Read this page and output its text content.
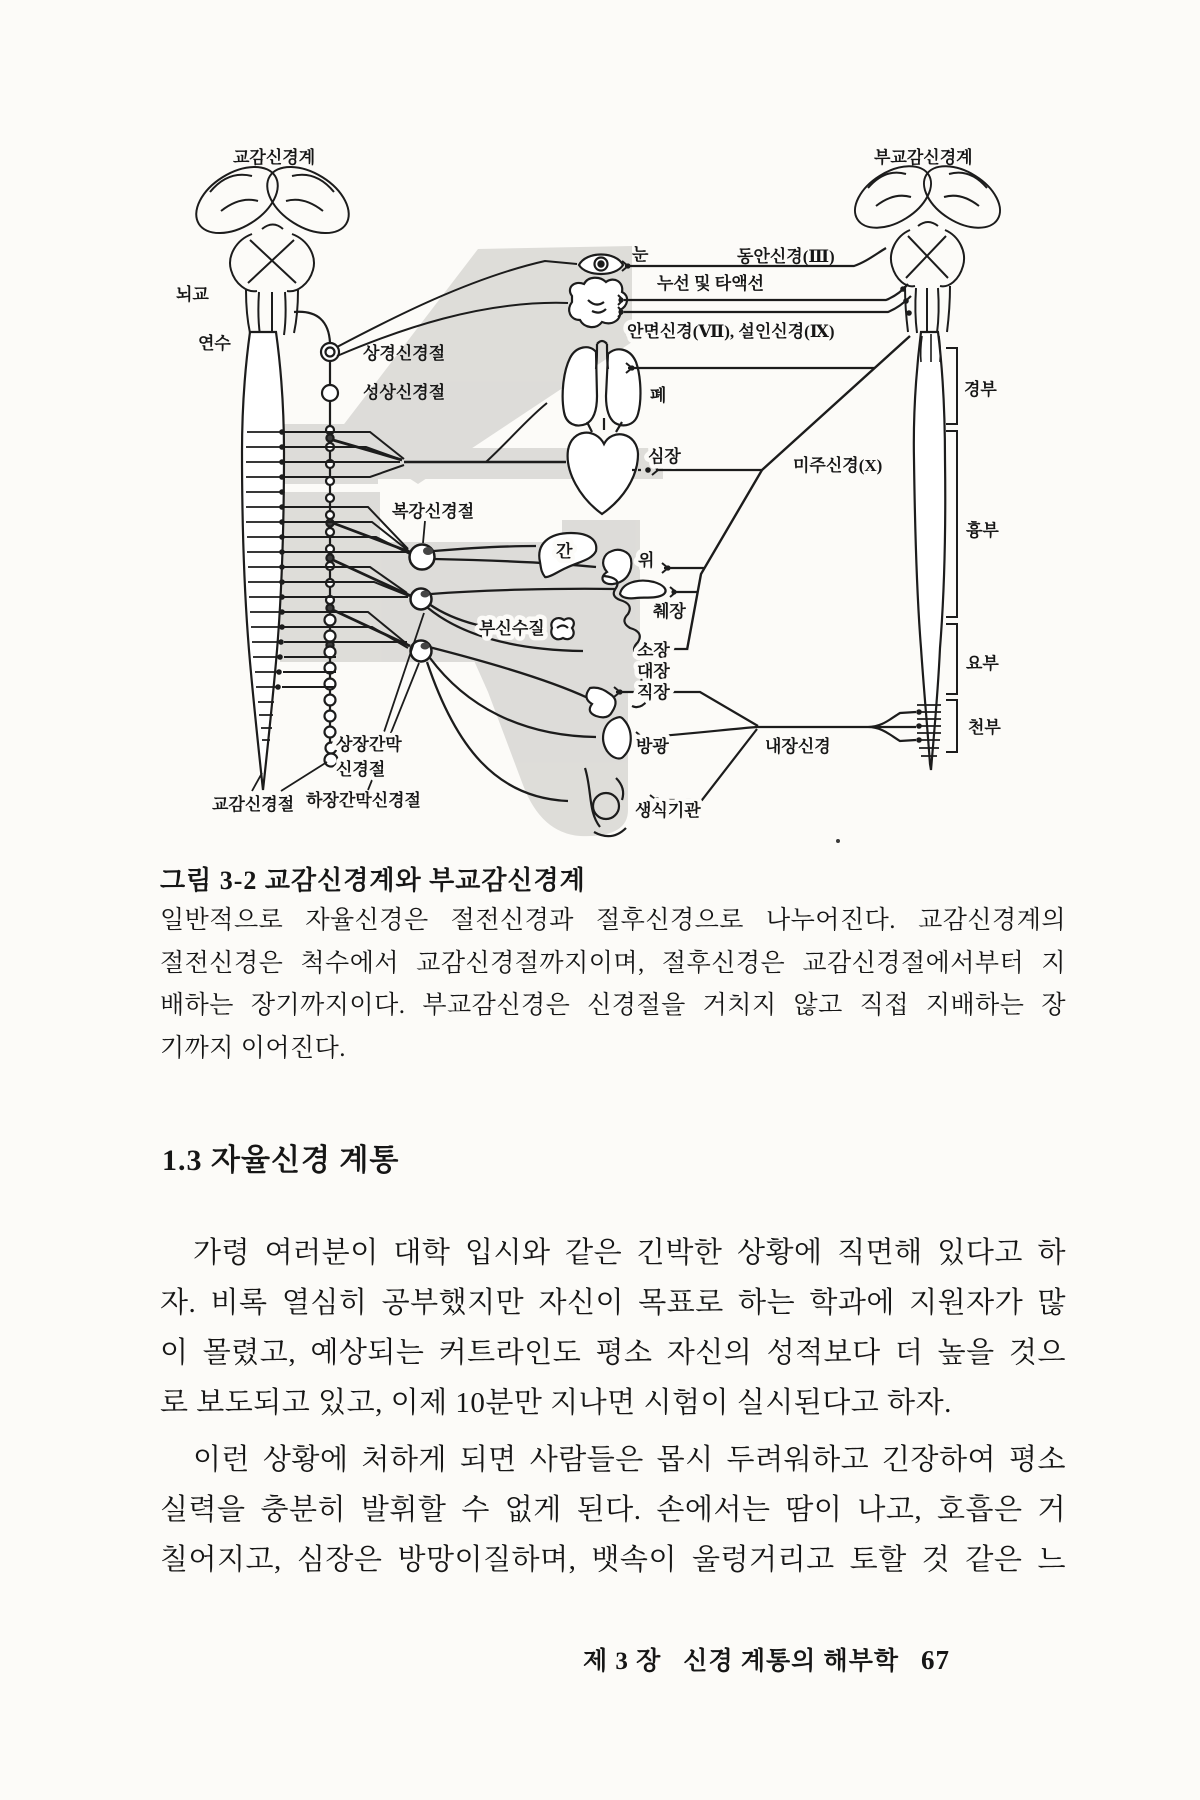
교감신경계	부교감신경계
뇌교
연수
상경신경절
성상신경절
복강신경절
부신수질
상장간막
신경절
교감신경절 하장간막신경절
눈	동안신경(Ⅲ)
누선 및 타액선
안면신경(Ⅶ), 설인신경(Ⅸ)
폐
심장	미주신경(X)
간	위
췌장
소장
대장
직장
방광	내장신경
생식기관
경부
흉부
요부
천부
그림 3-2 교감신경계와 부교감신경계
일반적으로 자율신경은 절전신경과 절후신경으로 나누어진다. 교감신경계의
절전신경은 척수에서 교감신경절까지이며, 절후신경은 교감신경절에서부터 지
배하는 장기까지이다. 부교감신경은 신경절을 거치지 않고 직접 지배하는 장
기까지 이어진다.
1.3 자율신경 계통
가령 여러분이 대학 입시와 같은 긴박한 상황에 직면해 있다고 하
자. 비록 열심히 공부했지만 자신이 목표로 하는 학과에 지원자가 많
이 몰렸고, 예상되는 커트라인도 평소 자신의 성적보다 더 높을 것으
로 보도되고 있고, 이제 10분만 지나면 시험이 실시된다고 하자.
이런 상황에 처하게 되면 사람들은 몹시 두려워하고 긴장하여 평소
실력을 충분히 발휘할 수 없게 된다. 손에서는 땀이 나고, 호흡은 거
칠어지고, 심장은 방망이질하며, 뱃속이 울렁거리고 토할 것 같은 느
제 3 장 신경 계통의 해부학 67
